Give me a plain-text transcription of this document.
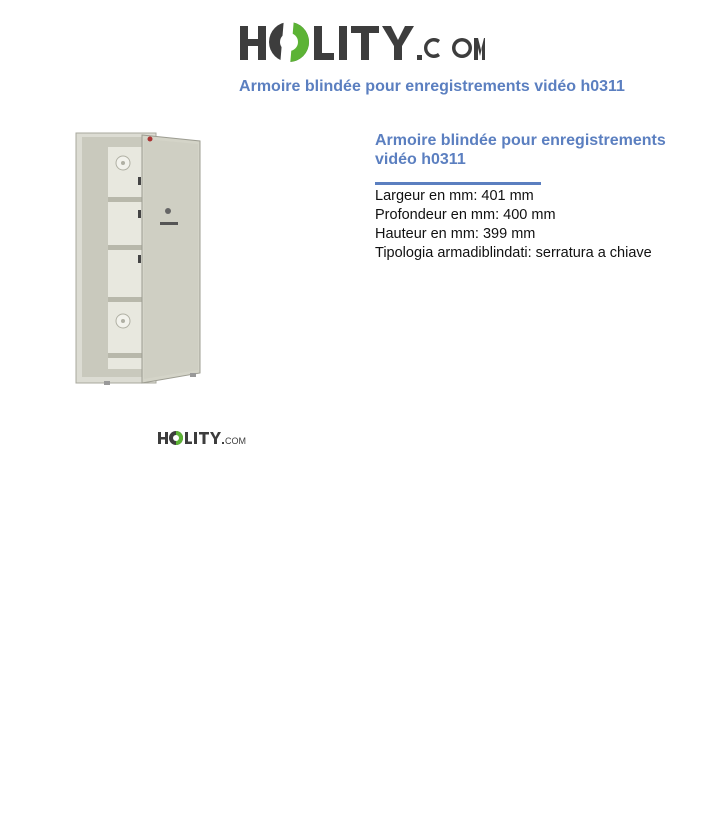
Armoire blindée pour enregistrements vidéo h0311
COM
Armoire blindée pour enregistrements vidéo h0311
Largeur en mm: 401 mm
Profondeur en mm: 400 mm
Hauteur en mm: 399 mm
Tipologia armadiblindati: serratura a chiave
